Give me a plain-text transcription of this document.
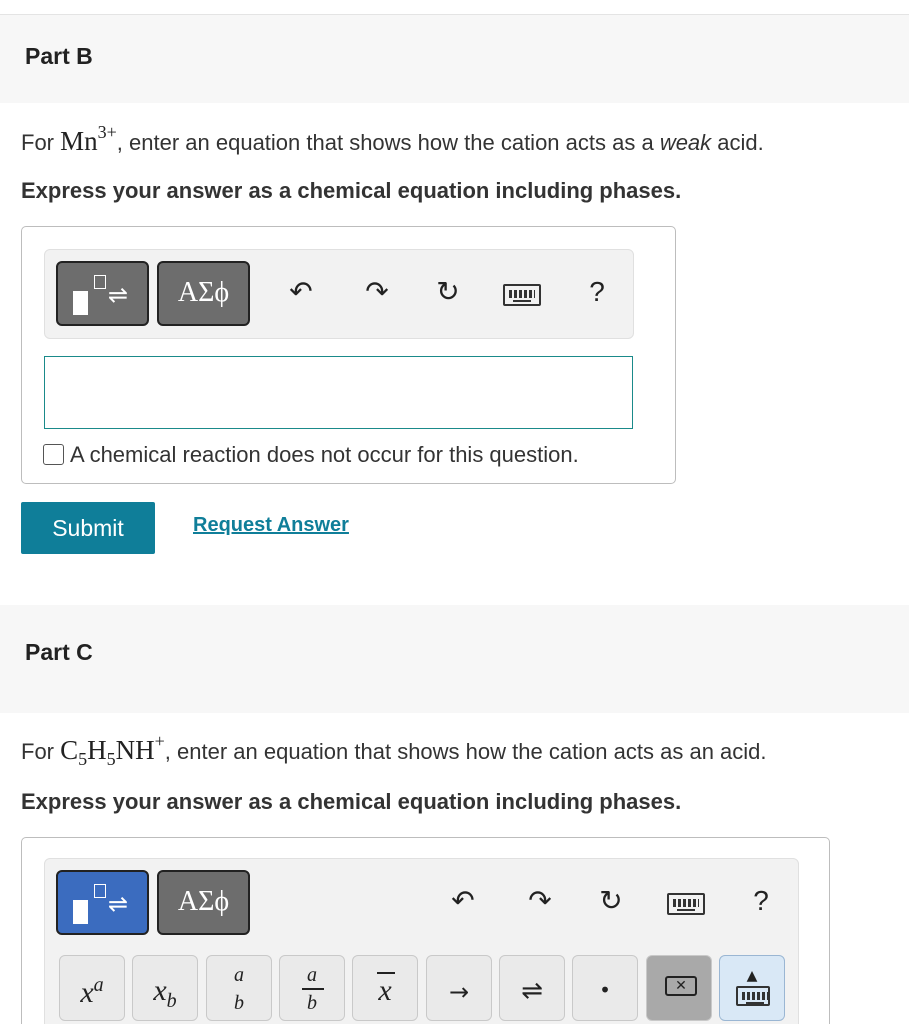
Part B
For $Mn^{3+}$, enter an equation that shows how the cation acts as a weak acid.
Express your answer as a chemical equation including phases.
⇌	ΑΣϕ	↶ ↷ ↻	?
A chemical reaction does not occur for this question.
Submit	Request Answer
Part C
For $C_5H_5NH^+$, enter an equation that shows how the cation acts as an acid.
Express your answer as a chemical equation including phases.
⇌	ΑΣϕ	↶ ↷ ↻	?
$x^a$	$x_b$
a
b
a
b	x	→	⇌	•	✕
▲
